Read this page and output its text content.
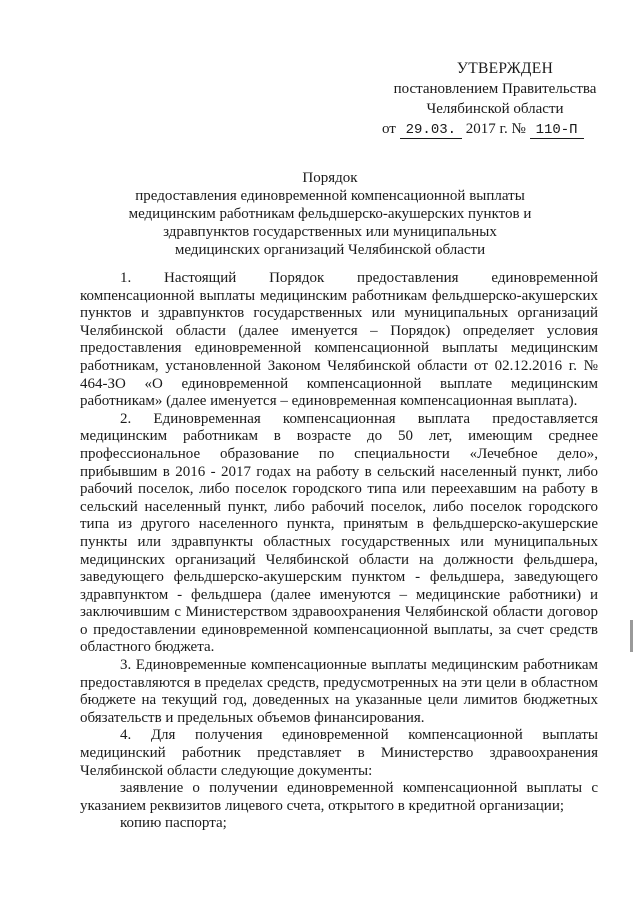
УТВЕРЖДЕН
постановлением Правительства
Челябинской области
от 29.03. 2017 г. № 110-П
Порядок
предоставления единовременной компенсационной выплаты
медицинским работникам фельдшерско-акушерских пунктов и
здравпунктов государственных или муниципальных
медицинских организаций Челябинской области

1. Настоящий Порядок предоставления единовременной компенсационной выплаты медицинским работникам фельдшерско-акушерских пунктов и здравпунктов государственных или муниципальных организаций Челябинской области (далее именуется – Порядок) определяет условия предоставления единовременной компенсационной выплаты медицинским работникам, установленной Законом Челябинской области от 02.12.2016 г. № 464-ЗО «О единовременной компенсационной выплате медицинским работникам» (далее именуется – единовременная компенсационная выплата).

2. Единовременная компенсационная выплата предоставляется медицинским работникам в возрасте до 50 лет, имеющим среднее профессиональное образование по специальности «Лечебное дело», прибывшим в 2016 - 2017 годах на работу в сельский населенный пункт, либо рабочий поселок, либо поселок городского типа или переехавшим на работу в сельский населенный пункт, либо рабочий поселок, либо поселок городского типа из другого населенного пункта, принятым в фельдшерско-акушерские пункты или здравпункты областных государственных или муниципальных медицинских организаций Челябинской области на должности фельдшера, заведующего фельдшерско-акушерским пунктом - фельдшера, заведующего здравпунктом - фельдшера (далее именуются – медицинские работники) и заключившим с Министерством здравоохранения Челябинской области договор о предоставлении единовременной компенсационной выплаты, за счет средств областного бюджета.

3. Единовременные компенсационные выплаты медицинским работникам предоставляются в пределах средств, предусмотренных на эти цели в областном бюджете на текущий год, доведенных на указанные цели лимитов бюджетных обязательств и предельных объемов финансирования.

4. Для получения единовременной компенсационной выплаты медицинский работник представляет в Министерство здравоохранения Челябинской области следующие документы:

заявление о получении единовременной компенсационной выплаты с указанием реквизитов лицевого счета, открытого в кредитной организации;

копию паспорта;
